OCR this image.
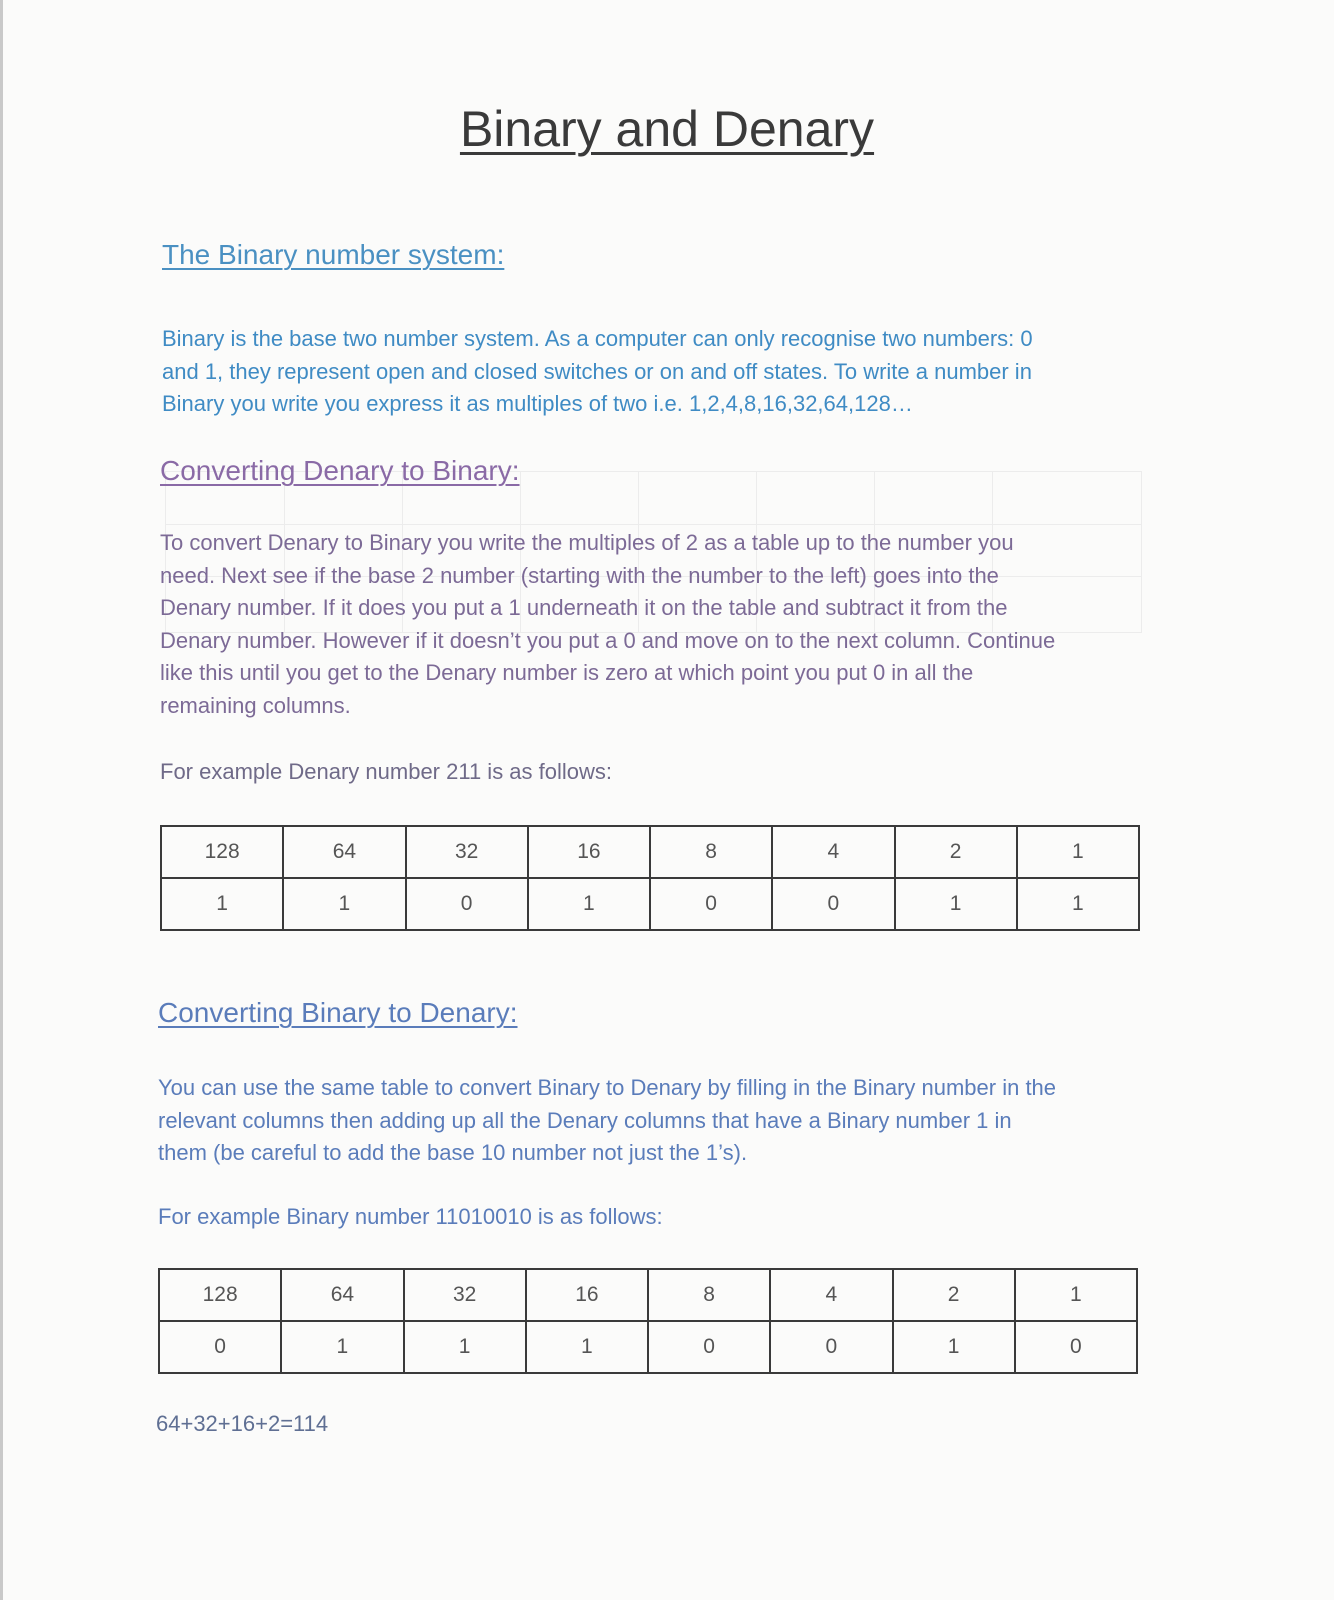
Binary and Denary
The Binary number system:
Binary is the base two number system. As a computer can only recognise two numbers: 0
and 1, they represent open and closed switches or on and off states. To write a number in
Binary you write you express it as multiples of two i.e. 1,2,4,8,16,32,64,128…
Converting Denary to Binary:
To convert Denary to Binary you write the multiples of 2 as a table up to the number you
need. Next see if the base 2 number (starting with the number to the left) goes into the
Denary number. If it does you put a 1 underneath it on the table and subtract it from the
Denary number. However if it doesn’t you put a 0 and move on to the next column. Continue
like this until you get to the Denary number is zero at which point you put 0 in all the
remaining columns.
For example Denary number 211 is as follows:
128	64	32	16	8	4	2	1
1	1	0	1	0	0	1	1
Converting Binary to Denary:
You can use the same table to convert Binary to Denary by filling in the Binary number in the
relevant columns then adding up all the Denary columns that have a Binary number 1 in
them (be careful to add the base 10 number not just the 1’s).
For example Binary number 11010010 is as follows:
128	64	32	16	8	4	2	1
0	1	1	1	0	0	1	0
64+32+16+2=114
